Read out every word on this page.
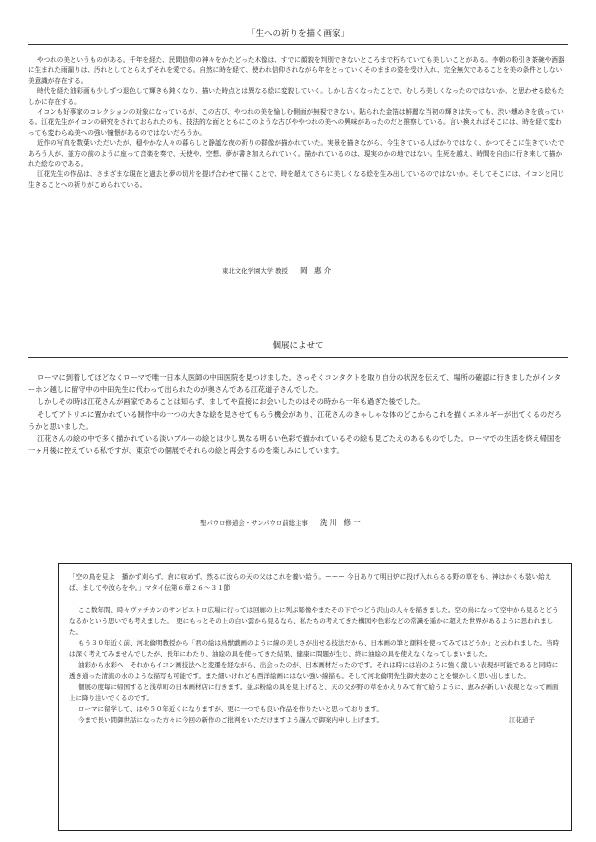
「生への祈りを描く画家」

やつれの美というものがある。千年を経た、民間信仰の神々をかたどった木像は、すでに顔貌を判別できないところまで朽ちていても美しいことがある。李朝の粉引き茶碗や酒器に生まれた雨漏りは、汚れとしてとらえずそれを愛でる。自然に時を経て、使われ信仰されながら年をとっていくそのままの姿を受け入れ、完全無欠であることを美の条件としない美意識が存在する。

時代を経た油彩画も少しずつ退色して輝きも鈍くなり、描いた時点とは異なる絵に変貌していく。しかし古くなったことで、むしろ美しくなったのではないか、と思わせる絵もたしかに存在する。

イコンも好事家のコレクションの対象になっているが、この古び、やつれの美を愉しむ側面が無視できない。貼られた金箔は鮮麗な当初の輝きは失っても、渋い燻めきを放っている。江花先生がイコンの研究をされておられたのも、技法的な面とともにこのような古びややつれの美への興味があったのだと推察している。言い換えればそこには、時を経て変わっても変わらぬ美への強い憧憬があるのではないだろうか。

近作の写真を数葉いただいたが、穏やかな人々の暮らしと静謐な夜の祈りの群像が描かれていた。実景を描きながら、今生きている人ばかりではなく、かつてそこに生きていたであろう人が、並方の前のように座って音楽を奏で、天使や、空想、夢が書き加えられていく。描かれているのは、現実のかの地ではない。生死を越え、時間を自由に行き来して描かれた絵なのである。

江花先生の作品は、さまざまな現在と過去と夢の切片を提げ合わせて描くことで、時を超えてさらに美しくなる絵を生み出しているのではないか。そしてそこには、イコンと同じ生きることへの祈りがこめられている。

東北文化学園大学 教授 岡 惠介
個展によせて

ローマに到着してほどなくローマで唯一日本人医師の中田医院を見つけました。さっそくコンタクトを取り自分の状況を伝えて、場所の確認に行きましたがインターホン越しに留守中の中田先生に代わって出られたのが奥さんである江花道子さんでした。

しかしその時は江花さんが画家であることは知らず、ましてや直接にお会いしたのはその時から一年も過ぎた後でした。

そしてアトリエに置かれている制作中の一つの大きな絵を見させてもらう機会があり、江花さんのきゃしゃな体のどこからこれを描くエネルギーが出てくるのだろうかと思いました。

江花さんの絵の中で多く描かれている淡いブルーの絵とは少し異なる明るい色彩で描かれているその絵も見ごたえのあるものでした。ローマでの生活を終え帰国を一ヶ月後に控えている私ですが、東京での個展でそれらの絵と再会するのを楽しみにしています。

聖パウロ修道会・サンパウロ前総主事 洗川 修一

「空の鳥を見よ　播かず刈らず、倉に収めず、然るに汝らの天の父はこれを養い給う。ーーー 今日ありて明日炉に投げ入れらるる野の草をも、神はかくも装い給えば、ましてや汝らをや。」マタイ伝第６章２６～３１節

ここ数年間、時々ヴァチカンのサンピエトロ広場に行っては回廊の上に列ぶ彫像やまたその下でつどう沢山の人々を描きました。空の鳥になって空中から見るとどうなるかという思いでも考えました。　更にもっとその上の白い雲から見るなら、私たちの考えてきた構図や色彩などの常識を遥かに超えた世界があるように思われました。

もう３０年近く前、河北倫明教授から「君の絵は鳥獣戯画のように線の美しさが出せる技法だから、日本画の筆と顔料を使ってみてはどうか」と云われました。当時は深く考えてみませんでしたが、長年にわたり、油絵の具を使ってきた結果、健康に問題が生じ、終に油絵の具を使えなくなってしまいました。

油彩から水彩へ　それからイコン画技法へと変遷を経ながら、出会ったのが、日本画材だったのです。それは時には岩のように強く激しい表現が可能であると同時に透き通った清流の水のような描写も可能です。また細いけれども西洋絵画にはない強い線描も。そして河北倫明先生御夫妻のことを懐かしく思い出しました。

個展の度毎に帰国すると浅草町の日本画材店に行きます。並ぶ粉絵の具を見上げると、天の父が野の草をかえりみて育て給うように、恵みが新しい表現となって画面上に降り注いでくるのです。

ローマに留学して、はや５０年近くになりますが、更に一つでも良い作品を作りたいと思っております。

今まで長い間御世話になった方々に今回の新作のご批判をいただけますよう謹んで御案内申し上げます。	江花道子
